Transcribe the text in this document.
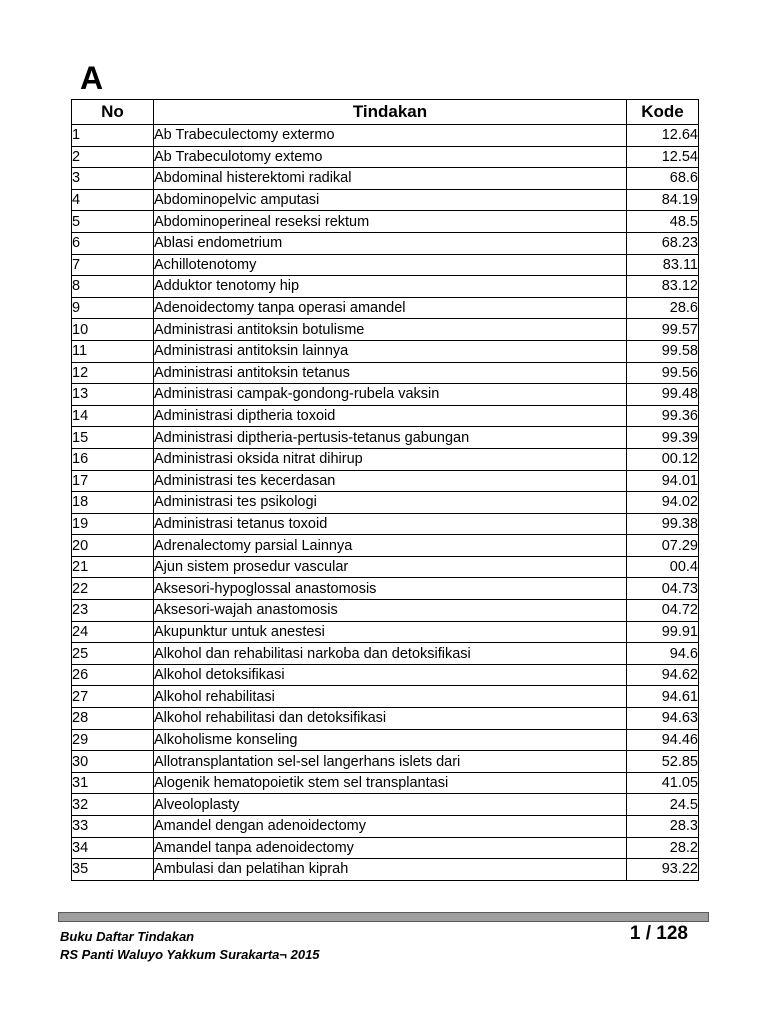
A
No	Tindakan	Kode
1	Ab Trabeculectomy extermo	12.64
2	Ab Trabeculotomy extemo	12.54
3	Abdominal histerektomi radikal	68.6
4	Abdominopelvic amputasi	84.19
5	Abdominoperineal reseksi rektum	48.5
6	Ablasi endometrium	68.23
7	Achillotenotomy	83.11
8	Adduktor tenotomy hip	83.12
9	Adenoidectomy tanpa operasi amandel	28.6
10	Administrasi antitoksin botulisme	99.57
11	Administrasi antitoksin lainnya	99.58
12	Administrasi antitoksin tetanus	99.56
13	Administrasi campak-gondong-rubela vaksin	99.48
14	Administrasi diptheria toxoid	99.36
15	Administrasi diptheria-pertusis-tetanus gabungan	99.39
16	Administrasi oksida nitrat dihirup	00.12
17	Administrasi tes kecerdasan	94.01
18	Administrasi tes psikologi	94.02
19	Administrasi tetanus toxoid	99.38
20	Adrenalectomy parsial Lainnya	07.29
21	Ajun sistem prosedur vascular	00.4
22	Aksesori-hypoglossal anastomosis	04.73
23	Aksesori-wajah anastomosis	04.72
24	Akupunktur untuk anestesi	99.91
25	Alkohol dan rehabilitasi narkoba dan detoksifikasi	94.6
26	Alkohol detoksifikasi	94.62
27	Alkohol rehabilitasi	94.61
28	Alkohol rehabilitasi dan detoksifikasi	94.63
29	Alkoholisme konseling	94.46
30	Allotransplantation sel-sel langerhans islets dari	52.85
31	Alogenik hematopoietik stem sel transplantasi	41.05
32	Alveoloplasty	24.5
33	Amandel dengan adenoidectomy	28.3
34	Amandel tanpa adenoidectomy	28.2
35	Ambulasi dan pelatihan kiprah	93.22
Buku Daftar Tindakan
RS Panti Waluyo Yakkum Surakarta¬ 2015
1 / 128
